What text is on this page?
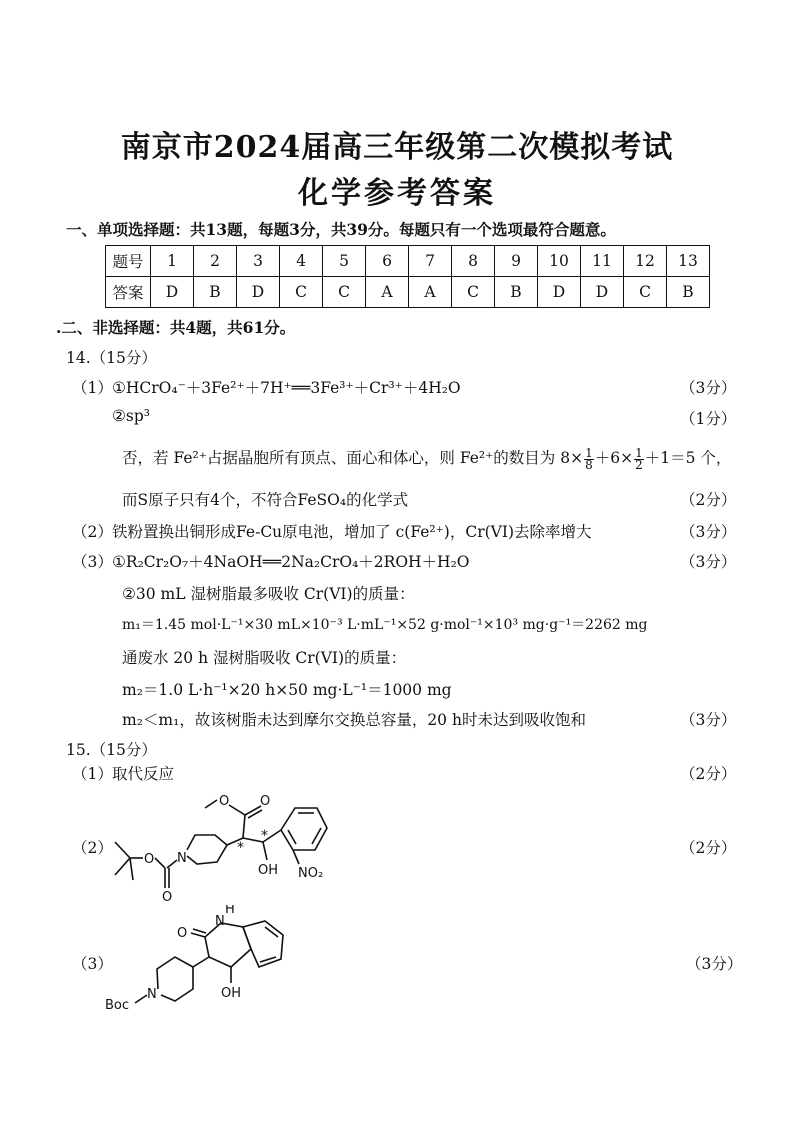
南京市2024届高三年级第二次模拟考试
化学参考答案
一、单项选择题：共13题，每题3分，共39分。每题只有一个选项最符合题意。
题号	1	2	3	4	5	6	7	8	9	10	11	12	13
答案	D	B	D	C	C	A	A	C	B	D	D	C	B
.二、非选择题：共4题，共61分。
14.（15分）
（1） ①HCrO₄⁻＋3Fe²⁺＋7H⁺══3Fe³⁺＋Cr³⁺＋4H₂O	（3分）
②sp³	（1分）
否，若 Fe²⁺占据晶胞所有顶点、面心和体心，则 Fe²⁺的数目为 $8\times \frac{1}{8} +6\times \frac{1}{2} +1=5$ 个，
而S原子只有4个，不符合FeSO₄的化学式	（2分）
（2） 铁粉置换出铜形成Fe-Cu原电池，增加了 c(Fe²⁺)，Cr(VI)去除率增大	（3分）
（3） ①R₂Cr₂O₇＋4NaOH══2Na₂CrO₄＋2ROH＋H₂O	（3分）
②30 mL 湿树脂最多吸收 Cr(VI)的质量：
m₁＝1.45 mol·L⁻¹×30 mL×10⁻³ L·mL⁻¹×52 g·mol⁻¹×10³ mg·g⁻¹＝2262 mg
通废水 20 h 湿树脂吸收 Cr(VI)的质量：
m₂＝1.0 L·h⁻¹×20 h×50 mg·L⁻¹＝1000 mg
m₂＜m₁，故该树脂未达到摩尔交换总容量，20 h时未达到吸收饱和	（3分）
15.（15分）
（1） 取代反应	（2分）
（2）	（2分）
O
O
N
O
O
*
*
OH NO₂
（3）	（3分）
Boc
N
O
N
H
OH
